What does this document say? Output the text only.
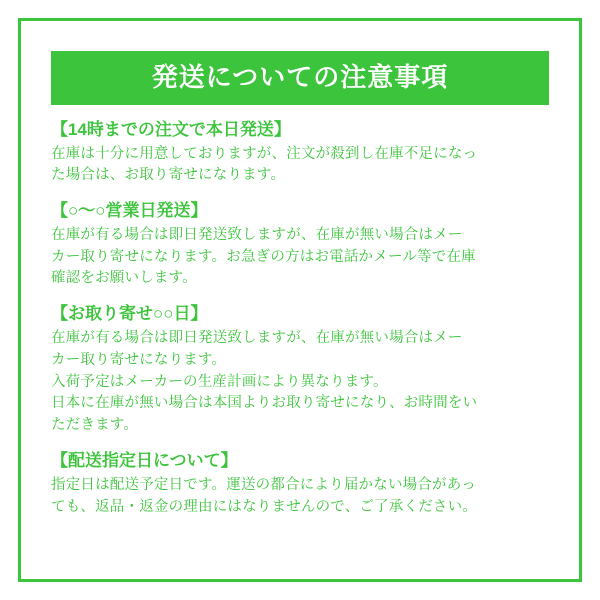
発送についての注意事項

【14時までの注文で本日発送】

在庫は十分に用意しておりますが、注文が殺到し在庫不足になっ
た場合は、お取り寄せになります。

【○〜○営業日発送】

在庫が有る場合は即日発送致しますが、在庫が無い場合はメー
カー取り寄せになります。お急ぎの方はお電話かメール等で在庫
確認をお願いします。

【お取り寄せ○○日】

在庫が有る場合は即日発送致しますが、在庫が無い場合はメー
カー取り寄せになります。
入荷予定はメーカーの生産計画により異なります。
日本に在庫が無い場合は本国よりお取り寄せになり、お時間をい
ただきます。

【配送指定日について】

指定日は配送予定日です。運送の都合により届かない場合があっ
ても、返品・返金の理由にはなりませんので、ご了承ください。
